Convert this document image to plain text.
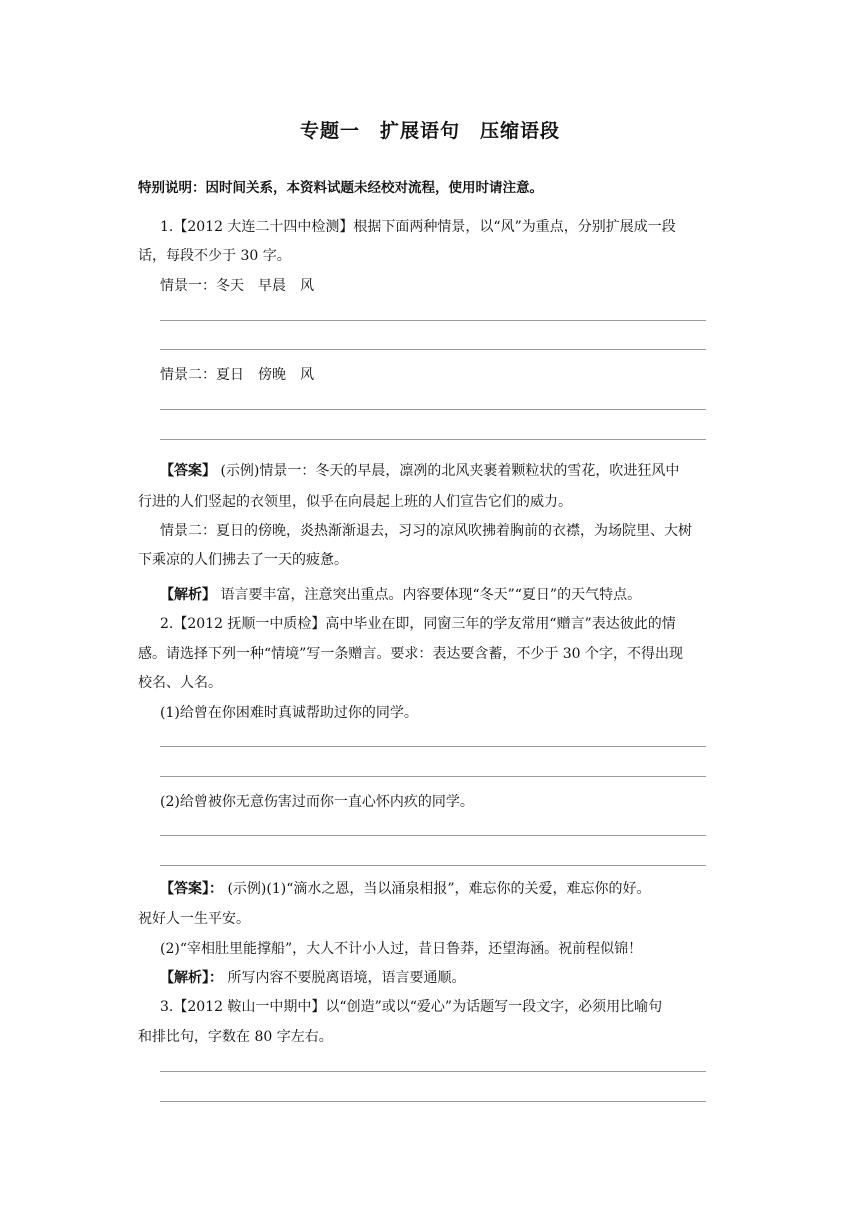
专题一　扩展语句　压缩语段
特别说明：因时间关系，本资料试题未经校对流程，使用时请注意。
1.【2012 大连二十四中检测】根据下面两种情景，以“风”为重点，分别扩展成一段
话，每段不少于 30 字。
情景一：冬天　早晨　风
情景二：夏日　傍晚　风
【答案】 (示例)情景一：冬天的早晨，凛冽的北风夹裹着颗粒状的雪花，吹进狂风中
行进的人们竖起的衣领里，似乎在向晨起上班的人们宣告它们的威力。
情景二：夏日的傍晚，炎热渐渐退去，习习的凉风吹拂着胸前的衣襟，为场院里、大树
下乘凉的人们拂去了一天的疲惫。
【解析】 语言要丰富，注意突出重点。内容要体现“冬天”“夏日”的天气特点。
2.【2012 抚顺一中质检】高中毕业在即，同窗三年的学友常用“赠言”表达彼此的情
感。请选择下列一种“情境”写一条赠言。要求：表达要含蓄，不少于 30 个字，不得出现
校名、人名。
(1)给曾在你困难时真诚帮助过你的同学。
(2)给曾被你无意伤害过而你一直心怀内疚的同学。
【答案】： (示例)(1)“滴水之恩，当以涌泉相报”，难忘你的关爱，难忘你的好。
祝好人一生平安。
(2)“宰相肚里能撑船”，大人不计小人过，昔日鲁莽，还望海涵。祝前程似锦！
【解析】： 所写内容不要脱离语境，语言要通顺。
3.【2012 鞍山一中期中】以“创造”或以“爱心”为话题写一段文字，必须用比喻句
和排比句，字数在 80 字左右。
